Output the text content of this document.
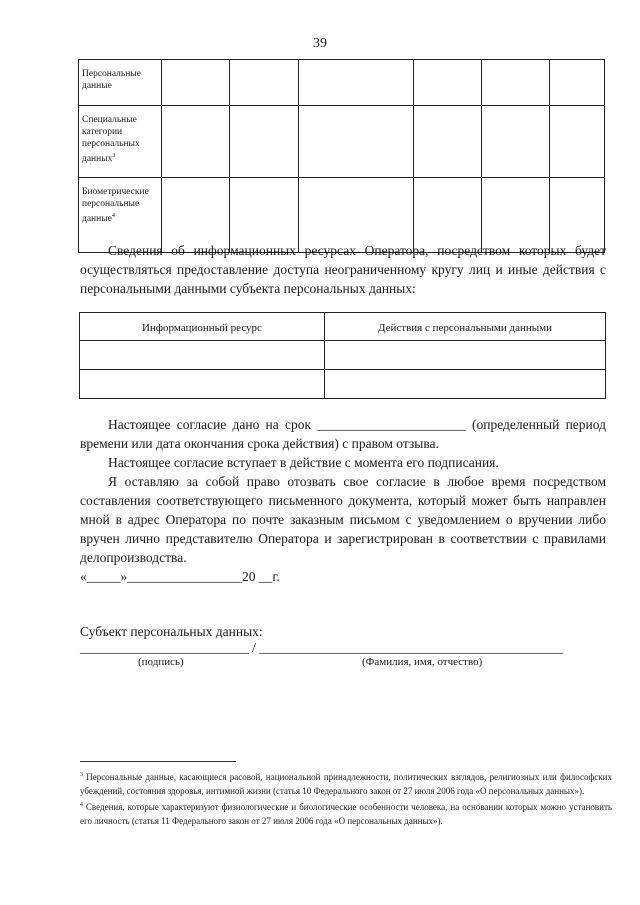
39
Персональные данные						
Специальные категории персональных данных$^3$						
Биометрические персональные данные$^4$						
Сведения об информационных ресурсах Оператора, посредством которых будет осуществляться предоставление доступа неограниченному кругу лиц и иные действия с персональными данными субъекта персональных данных:
Информационный ресурс	Действия с персональными данными

Настоящее согласие дано на срок ______________________ (определенный период времени или дата окончания срока действия) с правом отзыва.
Настоящее согласие вступает в действие с момента его подписания.
Я оставляю за собой право отозвать свое согласие в любое время посредством составления соответствующего письменного документа, который может быть направлен мной в адрес Оператора по почте заказным письмом с уведомлением о вручении либо вручен лично представителю Оператора и зарегистрирован в соответствии с правилами делопроизводства.
«_____»_________________20 __г.
Субъект персональных данных:
_________________________ / _____________________________________________
(подпись)	(Фамилия, имя, отчество)
$^3$ Персональные данные, касающиеся расовой, национальной принадлежности, политических взглядов, религиозных или философских убеждений, состояния здоровья, интимной жизни (статья 10 Федерального закон от 27 июля 2006 года «О персональных данных»).
$^4$ Сведения, которые характеризуют физиологические и биологические особенности человека, на основании которых можно установить его личность (статья 11 Федерального закон от 27 июля 2006 года «О персональных данных»).
